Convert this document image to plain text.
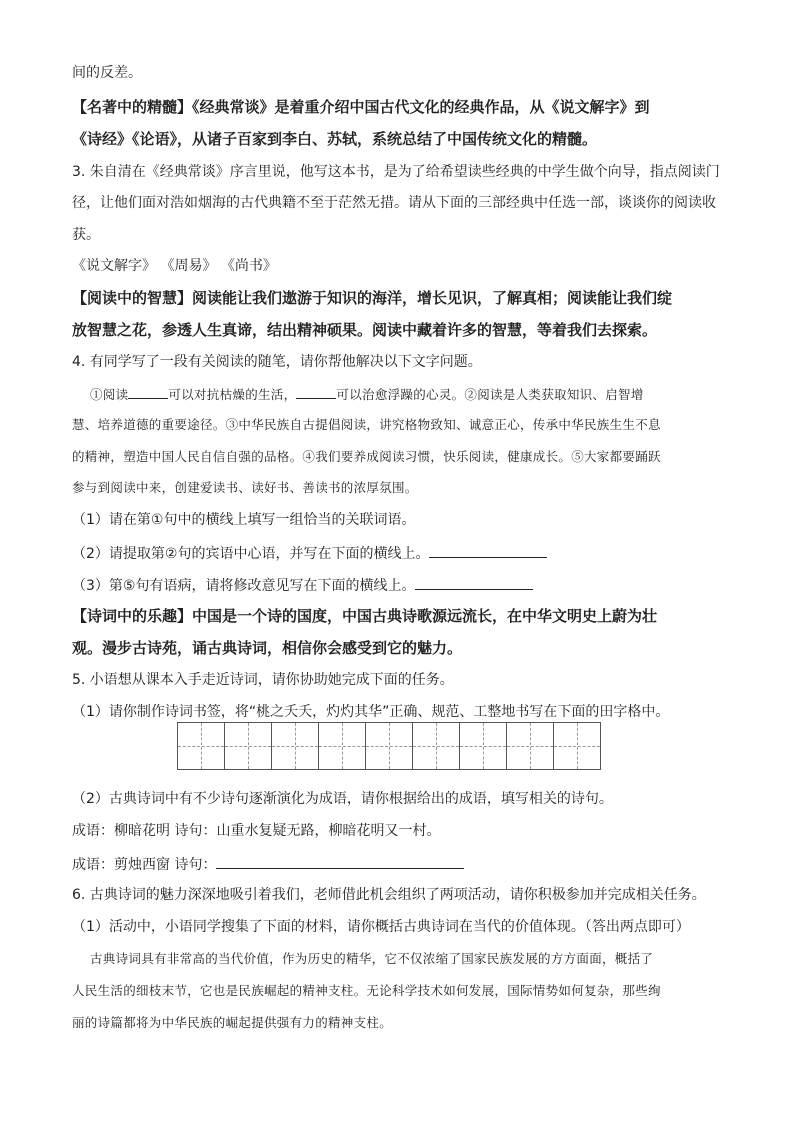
间的反差。
【名著中的精髓】《经典常谈》是着重介绍中国古代文化的经典作品，从《说文解字》到
《诗经》《论语》，从诸子百家到李白、苏轼，系统总结了中国传统文化的精髓。
3. 朱自清在《经典常谈》序言里说，他写这本书，是为了给希望读些经典的中学生做个向导，指点阅读门
径，让他们面对浩如烟海的古代典籍不至于茫然无措。请从下面的三部经典中任选一部，谈谈你的阅读收
获。
《说文解字》 《周易》 《尚书》
【阅读中的智慧】阅读能让我们遨游于知识的海洋，增长见识，了解真相；阅读能让我们绽
放智慧之花，参透人生真谛，结出精神硕果。阅读中藏着许多的智慧，等着我们去探索。
4. 有同学写了一段有关阅读的随笔，请你帮他解决以下文字问题。
①阅读	可以对抗枯燥的生活，	可以治愈浮躁的心灵。②阅读是人类获取知识、启智增
慧、培养道德的重要途径。③中华民族自古提倡阅读，讲究格物致知、诚意正心，传承中华民族生生不息
的精神，塑造中国人民自信自强的品格。④我们要养成阅读习惯，快乐阅读，健康成长。⑤大家都要踊跃
参与到阅读中来，创建爱读书、读好书、善读书的浓厚氛围。
（1）请在第①句中的横线上填写一组恰当的关联词语。
（2）请提取第②句的宾语中心语，并写在下面的横线上。
（3）第⑤句有语病，请将修改意见写在下面的横线上。
【诗词中的乐趣】中国是一个诗的国度，中国古典诗歌源远流长，在中华文明史上蔚为壮
观。漫步古诗苑，诵古典诗词，相信你会感受到它的魅力。
5. 小语想从课本入手走近诗词，请你协助她完成下面的任务。
（1）请你制作诗词书签，将“桃之夭夭，灼灼其华”正确、规范、工整地书写在下面的田字格中。
（2）古典诗词中有不少诗句逐渐演化为成语，请你根据给出的成语，填写相关的诗句。
成语：柳暗花明 诗句：山重水复疑无路，柳暗花明又一村。
成语：剪烛西窗 诗句：
6. 古典诗词的魅力深深地吸引着我们，老师借此机会组织了两项活动，请你积极参加并完成相关任务。
（1）活动中，小语同学搜集了下面的材料，请你概括古典诗词在当代的价值体现。（答出两点即可）
古典诗词具有非常高的当代价值，作为历史的精华，它不仅浓缩了国家民族发展的方方面面，概括了
人民生活的细枝末节，它也是民族崛起的精神支柱。无论科学技术如何发展，国际情势如何复杂，那些绚
丽的诗篇都将为中华民族的崛起提供强有力的精神支柱。
